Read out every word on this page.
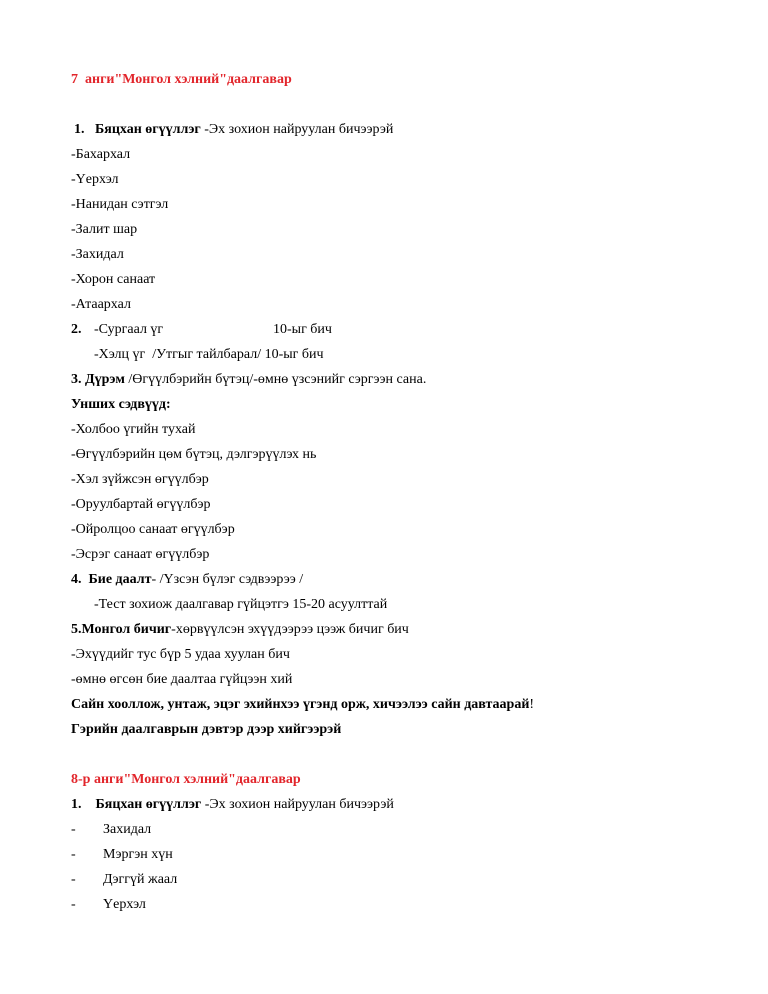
7  анги"Монгол хэлний"даалгавар
1. Бяцхан өгүүллэг -Эх зохион найруулан бичээрэй
-Бахархал
-Үерхэл
-Нанидан сэтгэл
-Залит шар
-Захидал
-Хорон санаат
-Атаархал
2. -Сургаал үг	10-ыг бич
-Хэлц үг  /Утгыг тайлбарал/ 10-ыг бич
3. Дүрэм /Өгүүлбэрийн бүтэц/-өмнө үзсэнийг сэргээн сана.
Унших сэдвүүд:
-Холбоо үгийн тухай
-Өгүүлбэрийн цөм бүтэц, дэлгэрүүлэх нь
-Хэл зүйжсэн өгүүлбэр
-Оруулбартай өгүүлбэр
-Ойролцоо санаат өгүүлбэр
-Эсрэг санаат өгүүлбэр
4.  Бие даалт- /Үзсэн бүлэг сэдвээрээ /
-Тест зохиож даалгавар гүйцэтгэ 15-20 асуулттай
5.Монгол бичиг-хөрвүүлсэн эхүүдээрээ цээж бичиг бич
-Эхүүдийг тус бүр 5 удаа хуулан бич
-өмнө өгсөн бие даалтаа гүйцээн хий
Сайн хооллож, унтаж, эцэг эхийнхээ үгэнд орж, хичээлээ сайн давтаарай!
Гэрийн даалгаврын дэвтэр дээр хийгээрэй
8-р анги"Монгол хэлний"даалгавар
1. Бяцхан өгүүллэг -Эх зохион найруулан бичээрэй
- Захидал
- Мэргэн хүн
- Дэггүй жаал
- Үерхэл
